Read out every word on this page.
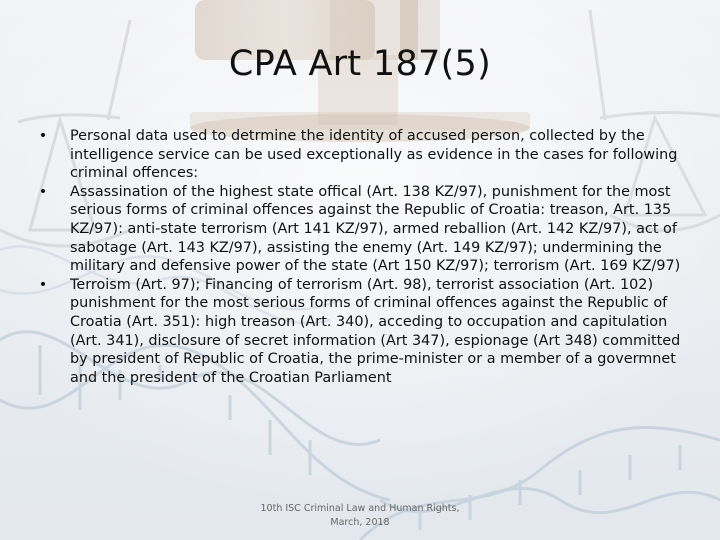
CPA Art 187(5)
• Personal data used to detrmine the identity of accused person, collected by the intelligence service can be used exceptionally as evidence in the cases for following criminal offences:
• Assassination of the highest state offical (Art. 138 KZ/97), punishment for the most serious forms of criminal offences against the Republic of Croatia: treason, Art. 135 KZ/97): anti-state terrorism (Art 141 KZ/97), armed reballion (Art. 142 KZ/97), act of sabotage (Art. 143 KZ/97), assisting the enemy (Art. 149 KZ/97); undermining the military and defensive power of the state (Art 150 KZ/97); terrorism (Art. 169 KZ/97)
• Terroism (Art. 97); Financing of terrorism (Art. 98), terrorist association (Art. 102) punishment for the most serious forms of criminal offences against the Republic of Croatia (Art. 351): high treason (Art. 340), acceding to occupation and capitulation (Art. 341), disclosure of secret information (Art 347), espionage (Art 348) committed by president of Republic of Croatia, the prime-minister or a member of a govermnet and the president of the Croatian Parliament
10th ISC Criminal Law and Human Rights,
March, 2018
